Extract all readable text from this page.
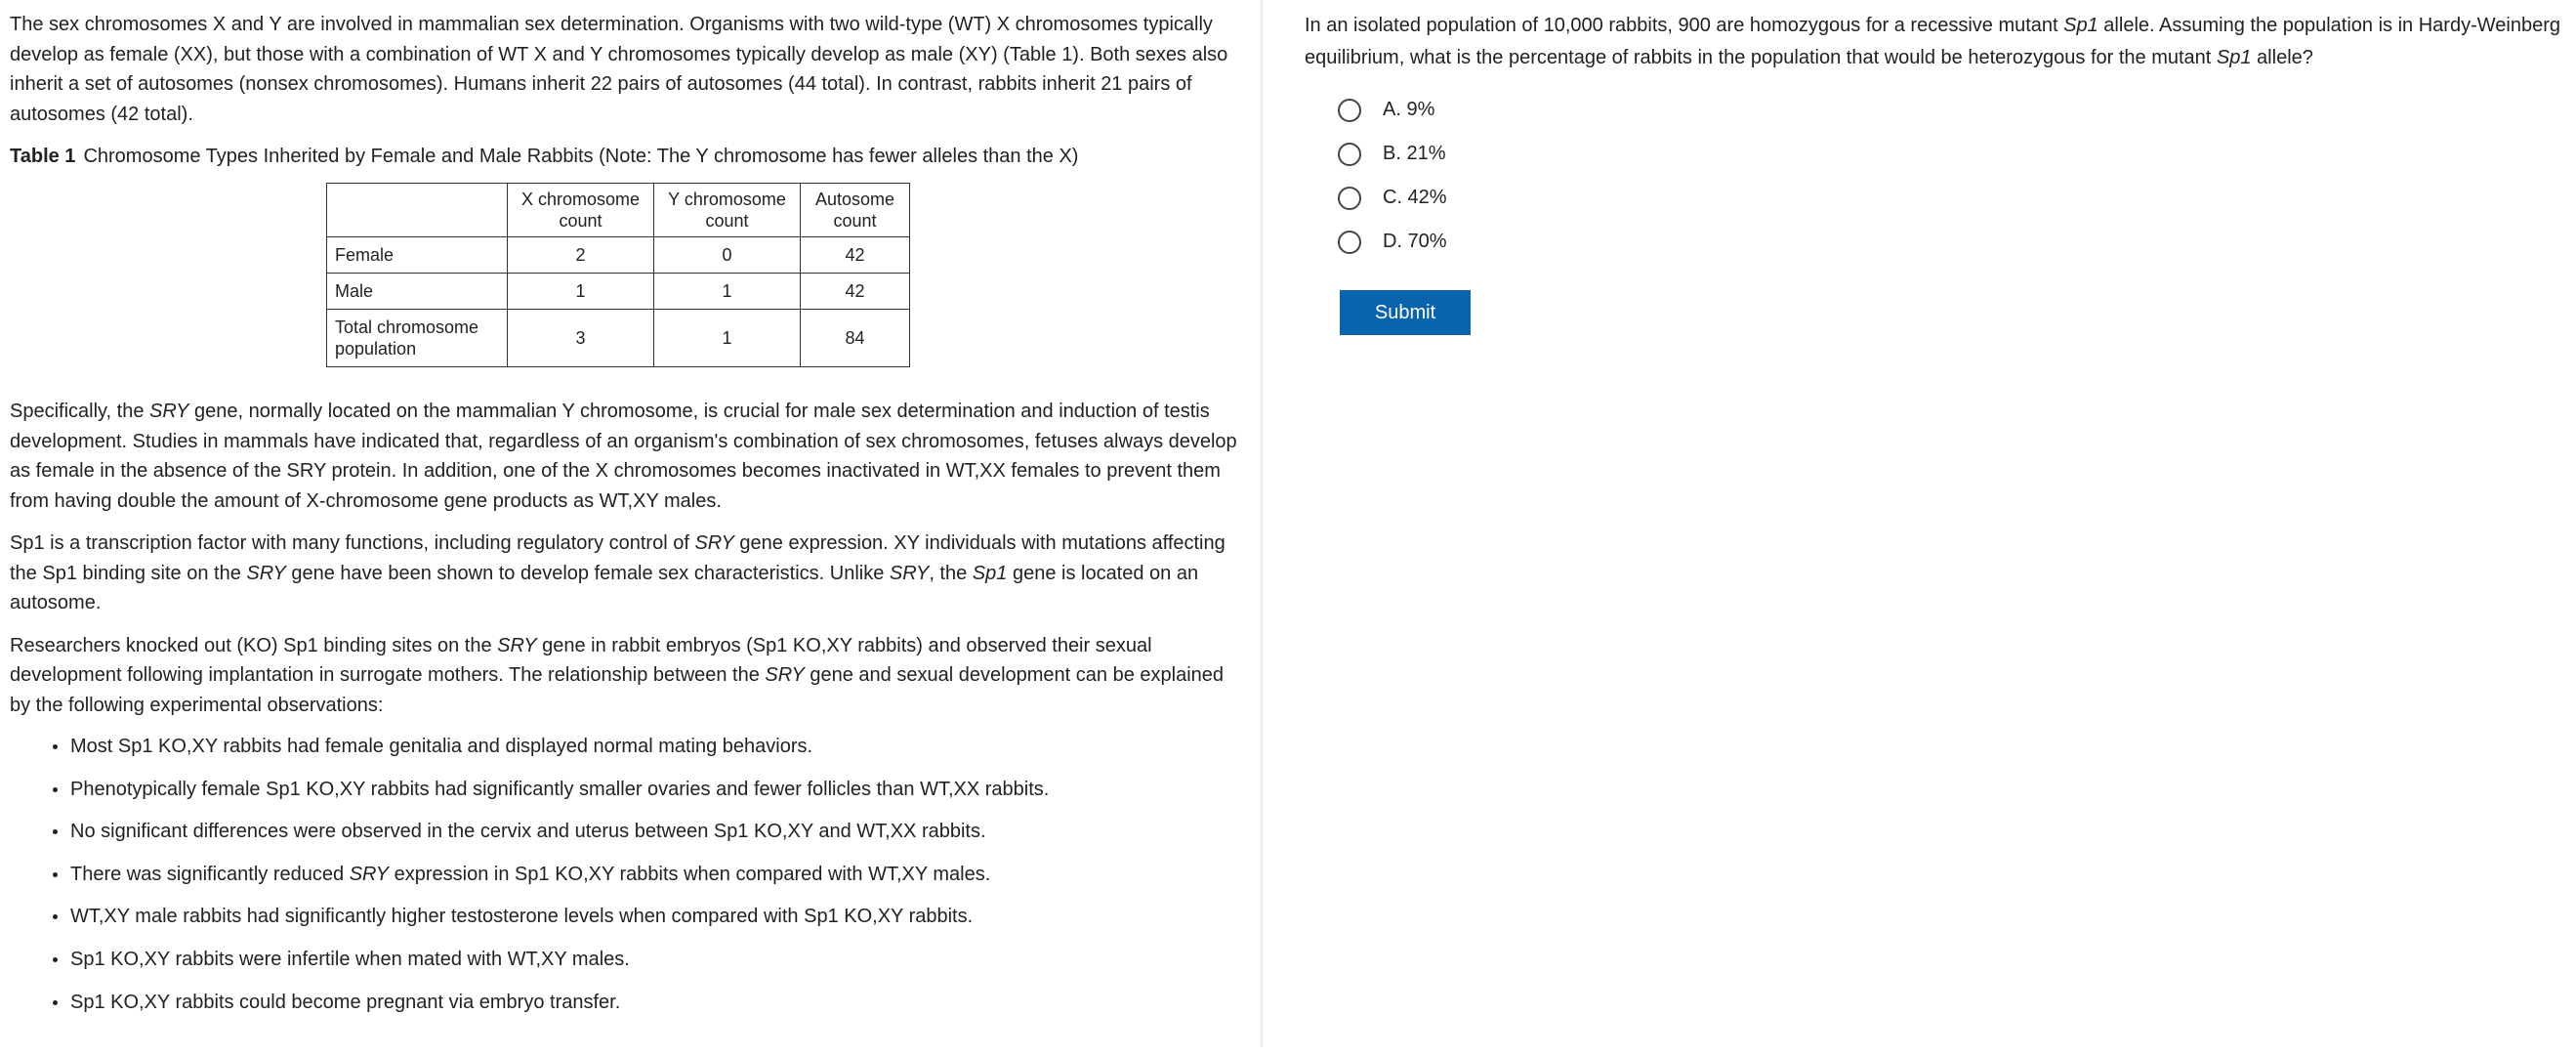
The sex chromosomes X and Y are involved in mammalian sex determination. Organisms with two wild-type (WT) X chromosomes typically develop as female (XX), but those with a combination of WT X and Y chromosomes typically develop as male (XY) (Table 1). Both sexes also inherit a set of autosomes (nonsex chromosomes). Humans inherit 22 pairs of autosomes (44 total). In contrast, rabbits inherit 21 pairs of autosomes (42 total).

Table 1 Chromosome Types Inherited by Female and Male Rabbits (Note: The Y chromosome has fewer alleles than the X)

	X chromosome count	Y chromosome count	Autosome count
Female	2	0	42
Male	1	1	42
Total chromosome population	3	1	84

Specifically, the SRY gene, normally located on the mammalian Y chromosome, is crucial for male sex determination and induction of testis development. Studies in mammals have indicated that, regardless of an organism's combination of sex chromosomes, fetuses always develop as female in the absence of the SRY protein. In addition, one of the X chromosomes becomes inactivated in WT,XX females to prevent them from having double the amount of X-chromosome gene products as WT,XY males.

Sp1 is a transcription factor with many functions, including regulatory control of SRY gene expression. XY individuals with mutations affecting the Sp1 binding site on the SRY gene have been shown to develop female sex characteristics. Unlike SRY, the Sp1 gene is located on an autosome.

Researchers knocked out (KO) Sp1 binding sites on the SRY gene in rabbit embryos (Sp1 KO,XY rabbits) and observed their sexual development following implantation in surrogate mothers. The relationship between the SRY gene and sexual development can be explained by the following experimental observations:

Most Sp1 KO,XY rabbits had female genitalia and displayed normal mating behaviors.
Phenotypically female Sp1 KO,XY rabbits had significantly smaller ovaries and fewer follicles than WT,XX rabbits.
No significant differences were observed in the cervix and uterus between Sp1 KO,XY and WT,XX rabbits.
There was significantly reduced SRY expression in Sp1 KO,XY rabbits when compared with WT,XY males.
WT,XY male rabbits had significantly higher testosterone levels when compared with Sp1 KO,XY rabbits.
Sp1 KO,XY rabbits were infertile when mated with WT,XY males.
Sp1 KO,XY rabbits could become pregnant via embryo transfer.

In an isolated population of 10,000 rabbits, 900 are homozygous for a recessive mutant Sp1 allele. Assuming the population is in Hardy-Weinberg equilibrium, what is the percentage of rabbits in the population that would be heterozygous for the mutant Sp1 allele?

A. 9%
B. 21%
C. 42%
D. 70%
Submit
